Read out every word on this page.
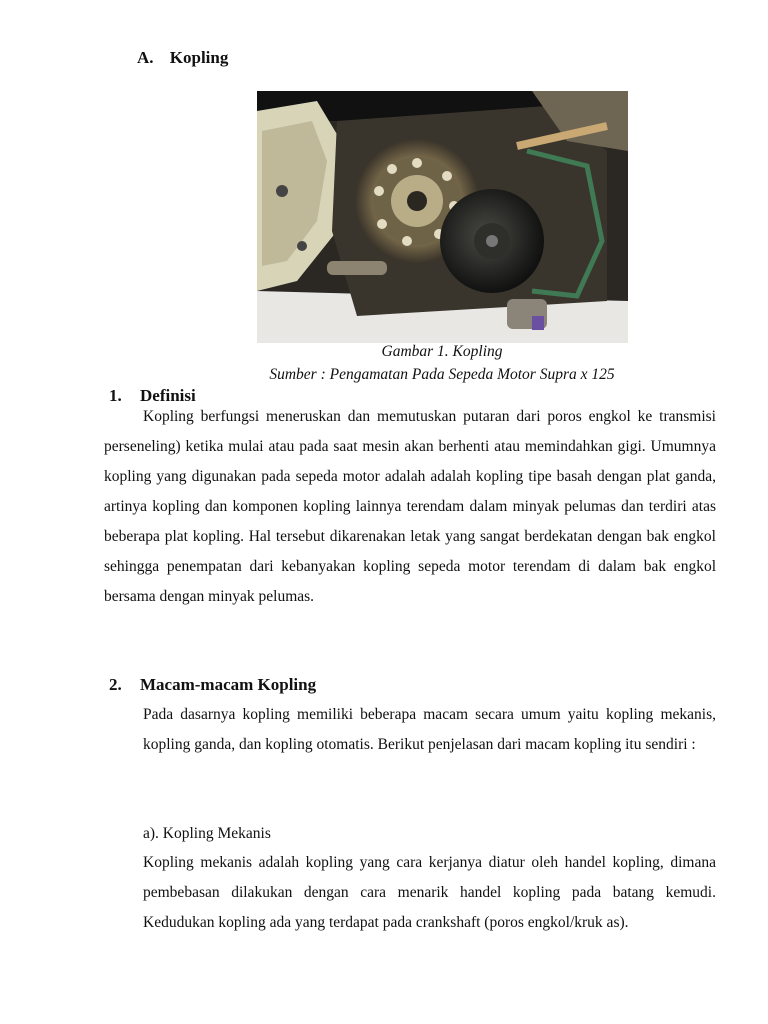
A. Kopling
Gambar 1. Kopling
Sumber : Pengamatan Pada Sepeda Motor Supra x 125
1. Definisi
Kopling berfungsi meneruskan dan memutuskan putaran dari poros engkol ke transmisi perseneling) ketika mulai atau pada saat mesin akan berhenti atau memindahkan gigi. Umumnya kopling yang digunakan pada sepeda motor adalah adalah kopling tipe basah dengan plat ganda, artinya kopling dan komponen kopling lainnya terendam dalam minyak pelumas dan terdiri atas beberapa plat kopling. Hal tersebut dikarenakan letak yang sangat berdekatan dengan bak engkol sehingga penempatan dari kebanyakan kopling sepeda motor terendam di dalam bak engkol bersama dengan minyak pelumas.
2. Macam-macam Kopling
Pada dasarnya kopling memiliki beberapa macam secara umum yaitu kopling mekanis, kopling ganda, dan kopling otomatis. Berikut penjelasan dari macam kopling itu sendiri :
a). Kopling Mekanis
Kopling mekanis adalah kopling yang cara kerjanya diatur oleh handel kopling, dimana pembebasan dilakukan dengan cara menarik handel kopling pada batang kemudi. Kedudukan kopling ada yang terdapat pada crankshaft (poros engkol/kruk as).
